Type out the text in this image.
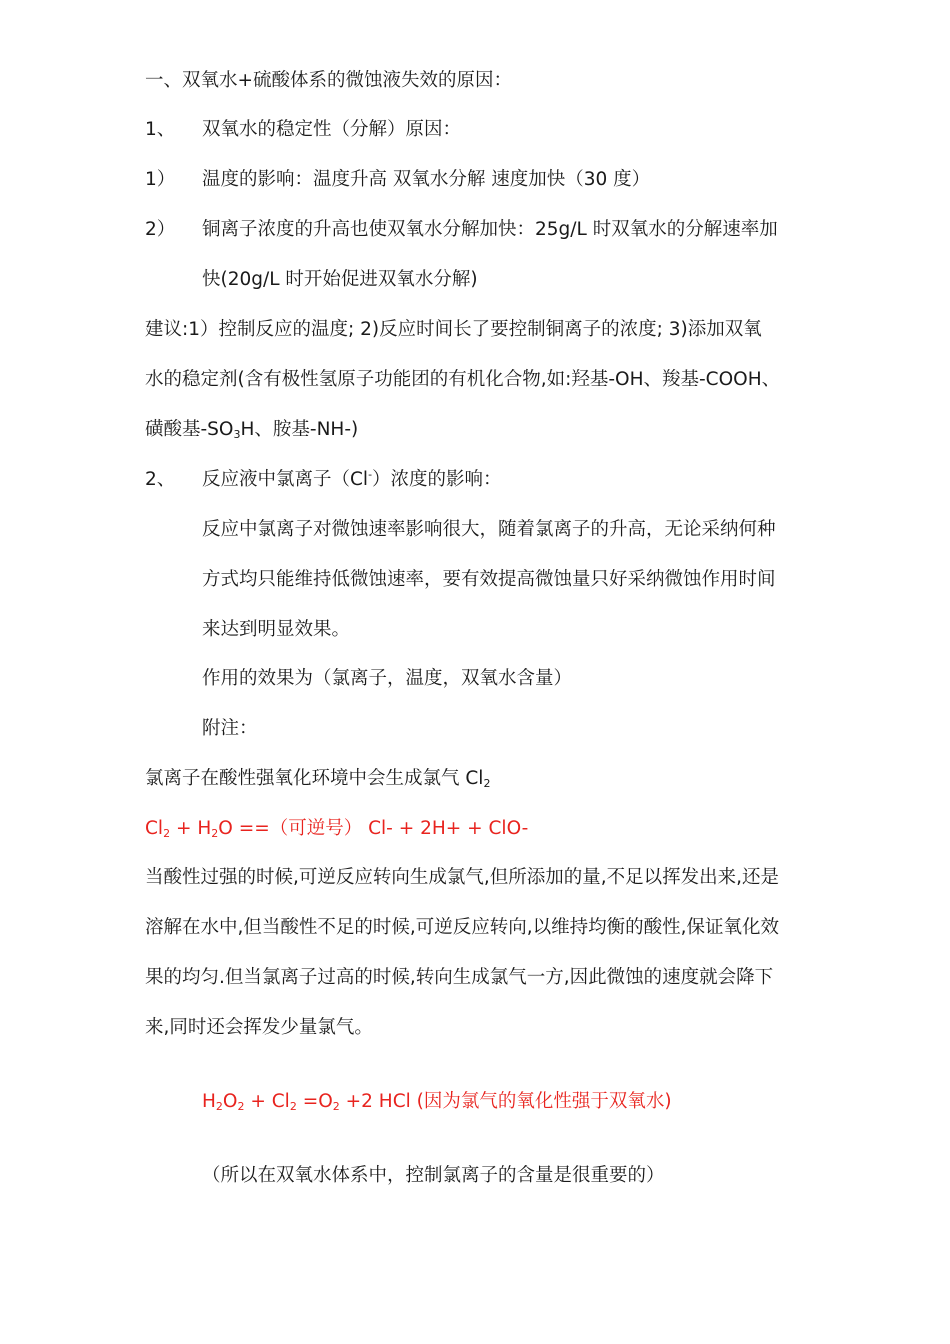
一、双氧水+硫酸体系的微蚀液失效的原因：
1、 双氧水的稳定性（分解）原因：
1） 温度的影响：温度升高 双氧水分解 速度加快（30 度）
2） 铜离子浓度的升高也使双氧水分解加快：25g/L 时双氧水的分解速率加
快(20g/L 时开始促进双氧水分解)
建议:1）控制反应的温度; 2)反应时间长了要控制铜离子的浓度; 3)添加双氧
水的稳定剂(含有极性氢原子功能团的有机化合物,如:羟基-OH、羧基-COOH、
磺酸基$-SO_3H$、胺基-NH-)
2、 反应液中氯离子（Cl-）浓度的影响：
反应中氯离子对微蚀速率影响很大，随着氯离子的升高，无论采纳何种
方式均只能维持低微蚀速率，要有效提高微蚀量只好采纳微蚀作用时间
来达到明显效果。
作用的效果为（氯离子，温度，双氧水含量）
附注：
氯离子在酸性强氧化环境中会生成氯气 $Cl_2$
$Cl_2 + H_2O$ ==（可逆号） Cl- + 2H+ + ClO-
当酸性过强的时候,可逆反应转向生成氯气,但所添加的量,不足以挥发出来,还是
溶解在水中,但当酸性不足的时候,可逆反应转向,以维持均衡的酸性,保证氧化效
果的均匀.但当氯离子过高的时候,转向生成氯气一方,因此微蚀的速度就会降下
来,同时还会挥发少量氯气。
$H_2O_2 + Cl_2 =O_2 +2$ HCl (因为氯气的氧化性强于双氧水)
（所以在双氧水体系中，控制氯离子的含量是很重要的）
